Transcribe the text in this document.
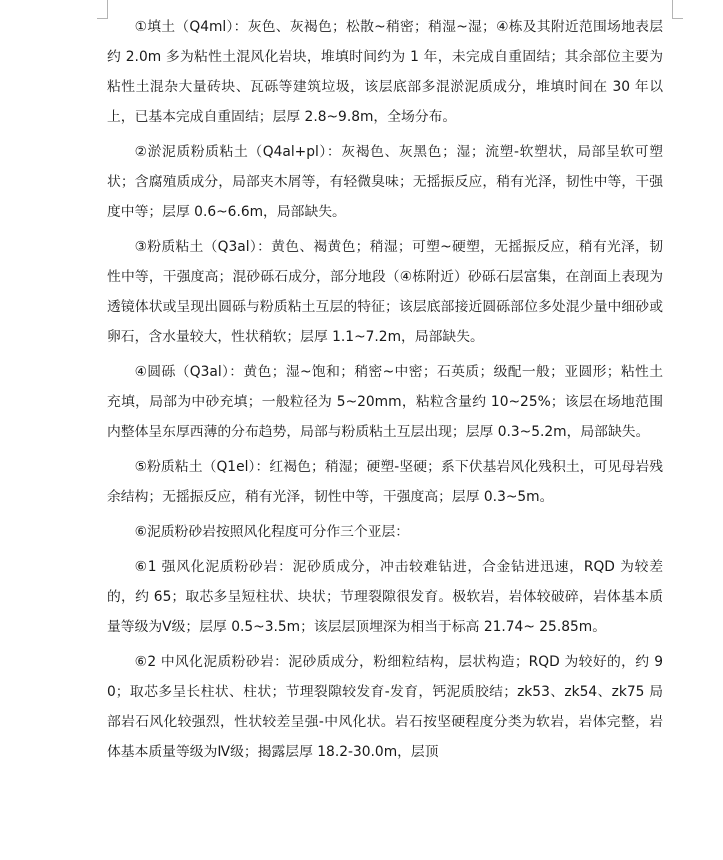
①填土（Q4ml）：灰色、灰褐色；松散~稍密；稍湿~湿；④栋及其附近范围场地表层约 2.0m 多为粘性土混风化岩块，堆填时间约为 1 年，未完成自重固结；其余部位主要为粘性土混杂大量砖块、瓦砾等建筑垃圾，该层底部多混淤泥质成分，堆填时间在 30 年以上，已基本完成自重固结；层厚 2.8~9.8m，全场分布。

②淤泥质粉质粘土（Q4al+pl）：灰褐色、灰黑色；湿；流塑-软塑状，局部呈软可塑状；含腐殖质成分，局部夹木屑等，有轻微臭味；无摇振反应，稍有光泽，韧性中等，干强度中等；层厚 0.6~6.6m，局部缺失。

③粉质粘土（Q3al）：黄色、褐黄色；稍湿；可塑~硬塑，无摇振反应，稍有光泽，韧性中等，干强度高；混砂砾石成分，部分地段（④栋附近）砂砾石层富集，在剖面上表现为透镜体状或呈现出圆砾与粉质粘土互层的特征；该层底部接近圆砾部位多处混少量中细砂或卵石，含水量较大，性状稍软；层厚 1.1~7.2m，局部缺失。

④圆砾（Q3al）：黄色；湿~饱和；稍密~中密；石英质；级配一般；亚圆形；粘性土充填，局部为中砂充填；一般粒径为 5~20mm，粘粒含量约 10~25%；该层在场地范围内整体呈东厚西薄的分布趋势，局部与粉质粘土互层出现；层厚 0.3~5.2m，局部缺失。

⑤粉质粘土（Q1el）：红褐色；稍湿；硬塑-坚硬；系下伏基岩风化残积土，可见母岩残余结构；无摇振反应，稍有光泽，韧性中等，干强度高；层厚 0.3~5m。

⑥泥质粉砂岩按照风化程度可分作三个亚层：

⑥1 强风化泥质粉砂岩：泥砂质成分，冲击较难钻进，合金钻进迅速，RQD 为较差的，约 65；取芯多呈短柱状、块状；节理裂隙很发育。极软岩，岩体较破碎，岩体基本质量等级为Ⅴ级；层厚 0.5~3.5m；该层层顶埋深为相当于标高 21.74~ 25.85m。

⑥2 中风化泥质粉砂岩：泥砂质成分，粉细粒结构，层状构造；RQD 为较好的，约 90；取芯多呈长柱状、柱状；节理裂隙较发育-发育，钙泥质胶结；zk53、zk54、zk75 局部岩石风化较强烈，性状较差呈强-中风化状。岩石按坚硬程度分类为软岩，岩体完整，岩体基本质量等级为Ⅳ级；揭露层厚 18.2-30.0m，层顶
